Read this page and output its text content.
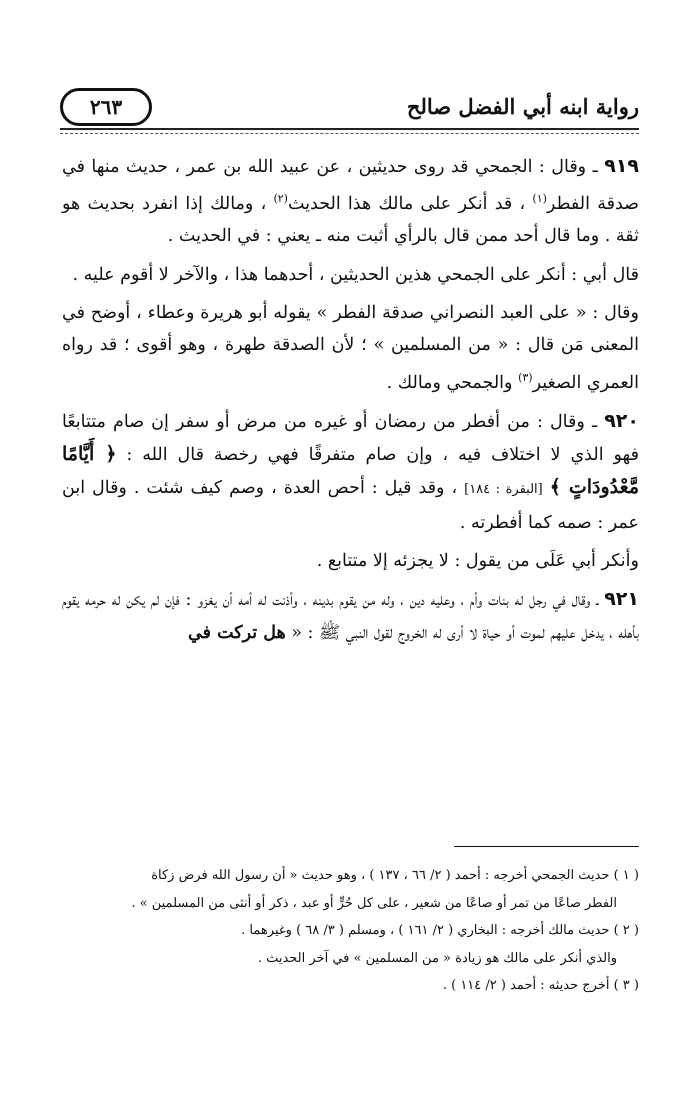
رواية ابنه أبي الفضل صالح
٢٦٣

٩١٩ ـ وقال : الجمحي قد روى حديثين ، عن عبيد الله بن عمر ، حديث منها في صدقة الفطر$^{(١)}$ ، قد أنكر على مالك هذا الحديث$^{(٢)}$ ، ومالك إذا انفرد بحديث هو ثقة . وما قال أحد ممن قال بالرأي أثبت منه ـ يعني : في الحديث .

قال أبي : أنكر على الجمحي هذين الحديثين ، أحدهما هذا ، والآخر لا أقوم عليه .

وقال : « على العبد النصراني صدقة الفطر » يقوله أبو هريرة وعطاء ، أوضح في المعنى مَن قال : « من المسلمين » ؛ لأن الصدقة طهرة ، وهو أقوى ؛ قد رواه العمري الصغير$^{(٣)}$ والجمحي ومالك .

٩٢٠ ـ وقال : من أفطر من رمضان أو غيره من مرض أو سفر إن صام متتابعًا فهو الذي لا اختلاف فيه ، وإن صام متفرقًا فهي رخصة قال الله : ﴿ أَيَّامًا مَّعْدُودَاتٍ ﴾ [البقرة : ١٨٤] ، وقد قيل : أحص العدة ، وصم كيف شئت . وقال ابن عمر : صمه كما أفطرته .

وأنكر أبي عَلَى من يقول : لا يجزئه إلا متتابع .

٩٢١ ـ وقال في رجل له بنات وأم ، وعليه دين ، وله من يقوم بدينه ، وأذنت له أمه أن يغزو : فإن لم يكن له حرمه يقوم بأهله ، يدخل عليهم لموت أو حياة لا أرى له الخروج لقول النبي ﷺ : « هل تركت في

( ١ ) حديث الجمحي أخرجه : أحمد ( ٢/ ٦٦ ، ١٣٧ ) ، وهو حديث « أن رسول الله فرض زكاة

الفطر صاعًا من تمر أو صاعًا من شعير ، على كل حُرٍّ أو عبد ، ذكر أو أنثى من المسلمين » .

( ٢ ) حديث مالك أخرجه : البخاري ( ٢/ ١٦١ ) ، ومسلم ( ٣/ ٦٨ ) وغيرهما .

والذي أنكر على مالك هو زيادة « من المسلمين » في آخر الحديث .

( ٣ ) أخرج حديثه : أحمد ( ٢/ ١١٤ ) .
